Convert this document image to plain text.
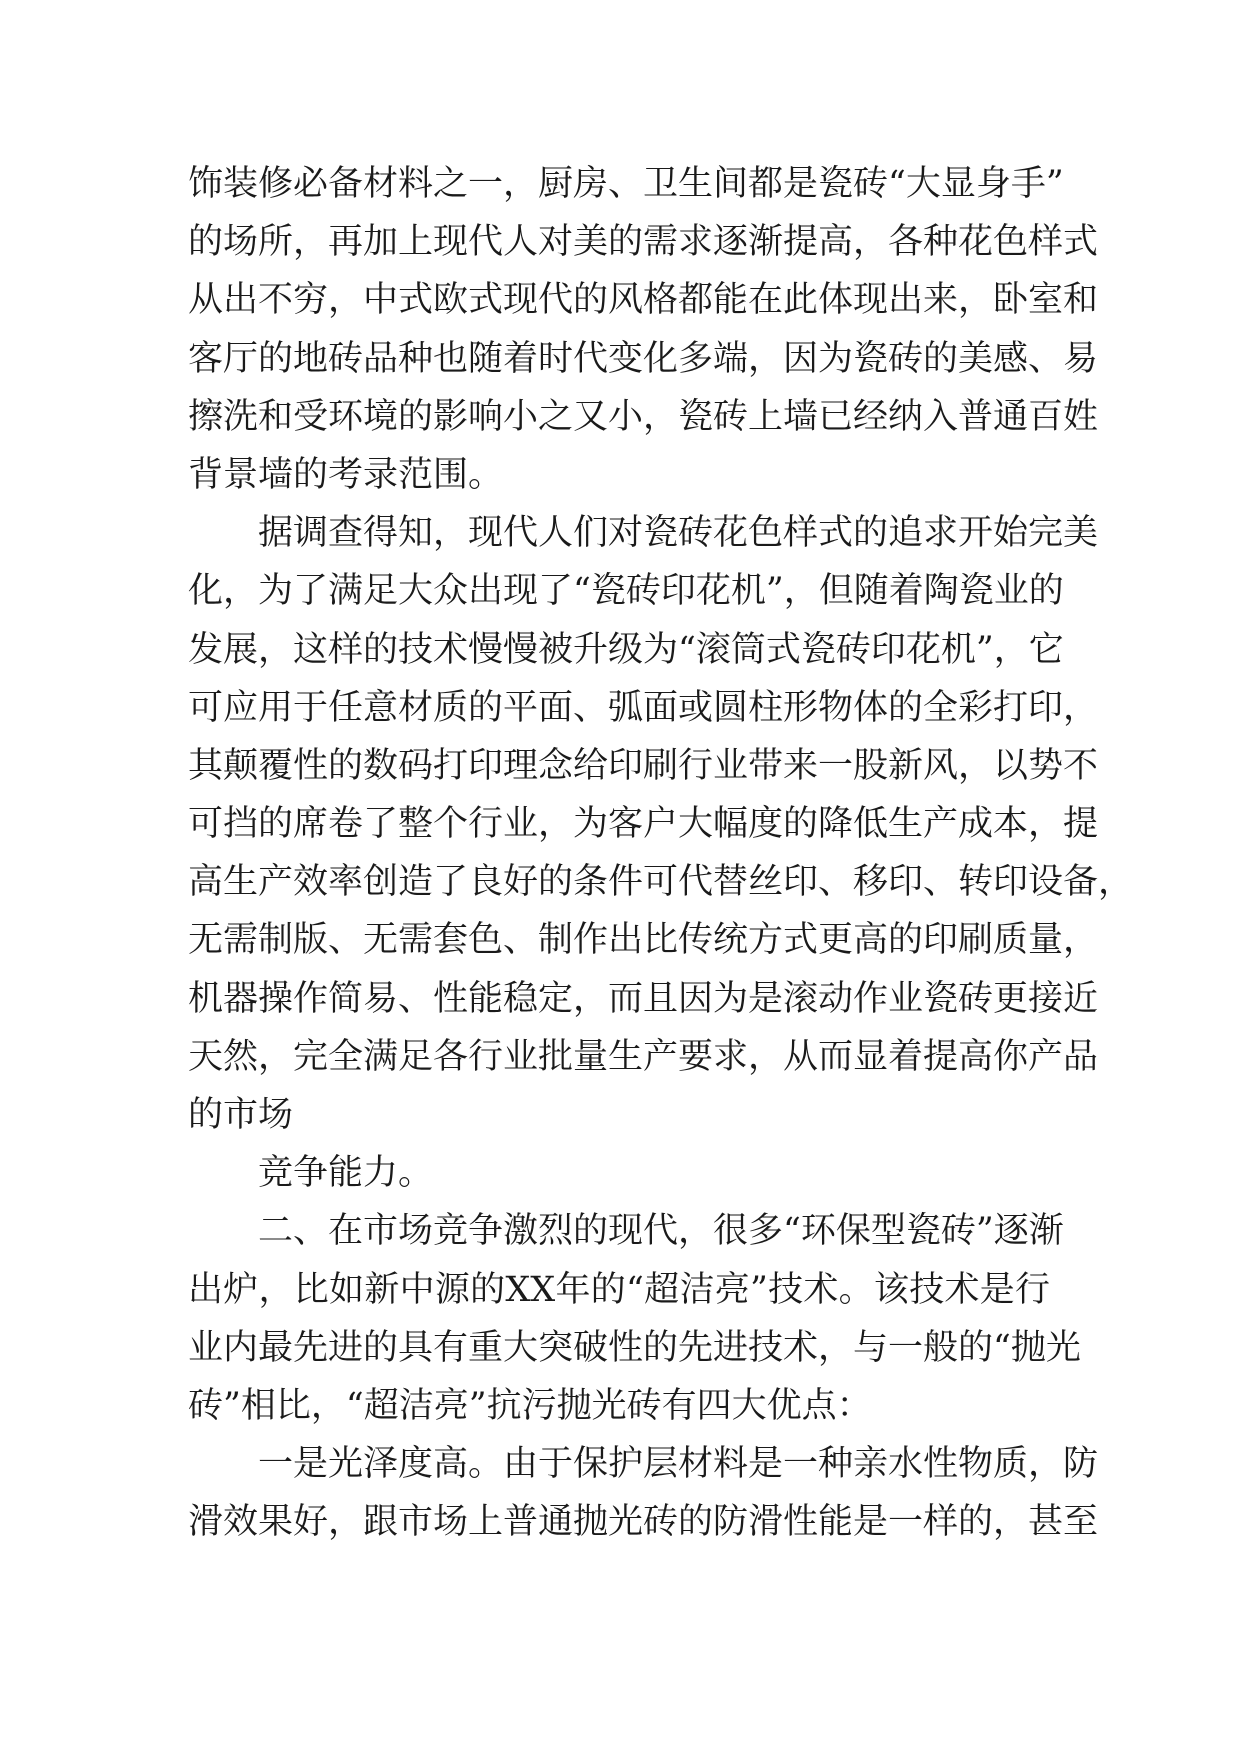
饰装修必备材料之一，厨房、卫生间都是瓷砖“大显身手”
的场所，再加上现代人对美的需求逐渐提高，各种花色样式
从出不穷，中式欧式现代的风格都能在此体现出来，卧室和
客厅的地砖品种也随着时代变化多端，因为瓷砖的美感、易
擦洗和受环境的影响小之又小，瓷砖上墙已经纳入普通百姓
背景墙的考录范围。
据调查得知，现代人们对瓷砖花色样式的追求开始完美
化，为了满足大众出现了“瓷砖印花机”，但随着陶瓷业的
发展，这样的技术慢慢被升级为“滚筒式瓷砖印花机”，它
可应用于任意材质的平面、弧面或圆柱形物体的全彩打印，
其颠覆性的数码打印理念给印刷行业带来一股新风，以势不
可挡的席卷了整个行业，为客户大幅度的降低生产成本，提
高生产效率创造了良好的条件可代替丝印、移印、转印设备，
无需制版、无需套色、制作出比传统方式更高的印刷质量，
机器操作简易、性能稳定，而且因为是滚动作业瓷砖更接近
天然，完全满足各行业批量生产要求，从而显着提高你产品
的市场
竞争能力。
二、在市场竞争激烈的现代，很多“环保型瓷砖”逐渐
出炉，比如新中源的XX年的“超洁亮”技术。该技术是行
业内最先进的具有重大突破性的先进技术，与一般的“抛光
砖”相比，“超洁亮”抗污抛光砖有四大优点：
一是光泽度高。由于保护层材料是一种亲水性物质，防
滑效果好，跟市场上普通抛光砖的防滑性能是一样的，甚至
